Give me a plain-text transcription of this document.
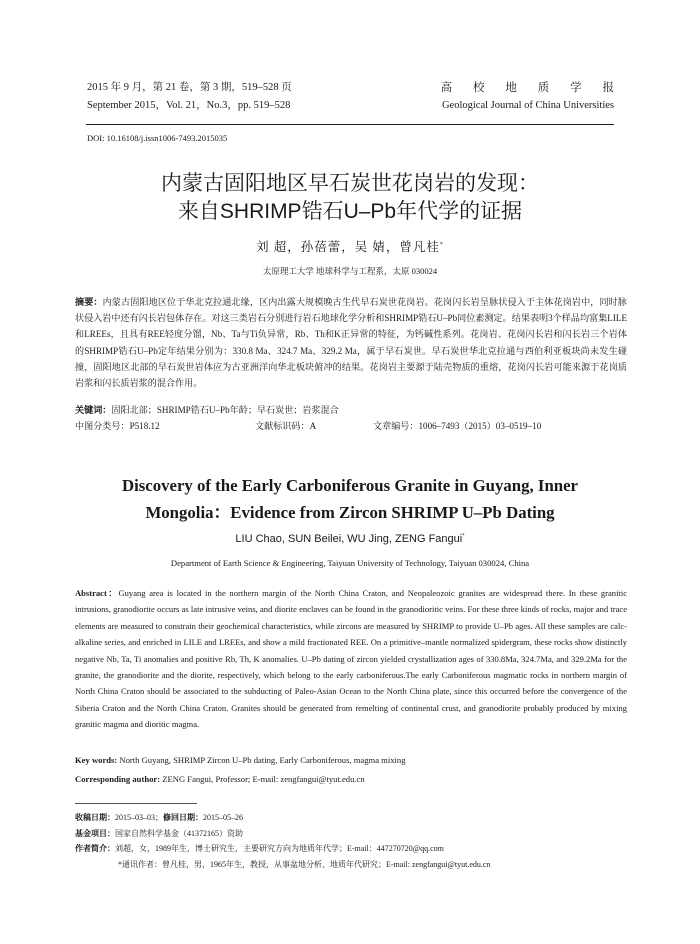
2015 年 9 月，第 21 卷，第 3 期，519–528 页
September 2015，Vol. 21，No.3，pp. 519–528
高 校 地 质 学 报
Geological Journal of China Universities
DOI: 10.16108/j.issn1006-7493.2015035
内蒙古固阳地区早石炭世花岗岩的发现：
来自SHRIMP锆石U–Pb年代学的证据
刘 超，孙蓓蕾，吴 婧，曾凡桂*
太原理工大学 地球科学与工程系，太原 030024
摘要：内蒙古固阳地区位于华北克拉通北缘，区内出露大规模晚古生代早石炭世花岗岩。花岗闪长岩呈脉状侵入于主体花岗岩中，同时脉状侵入岩中还有闪长岩包体存在。对这三类岩石分别进行岩石地球化学分析和SHRIMP锆石U–Pb同位素测定。结果表明3个样品均富集LILE和LREEs，且具有REE轻度分馏，Nb、Ta与Ti负异常，Rb、Th和K正异常的特征，为钙碱性系列。花岗岩、花岗闪长岩和闪长岩三个岩体的SHRIMP锆石U–Pb定年结果分别为：330.8 Ma、324.7 Ma、329.2 Ma，属于早石炭世。早石炭世华北克拉通与西伯利亚板块尚未发生碰撞，固阳地区北部的早石炭世岩体应为古亚洲洋向华北板块俯冲的结果。花岗岩主要源于陆壳物质的重熔，花岗闪长岩可能来源于花岗质岩浆和闪长质岩浆的混合作用。
关键词：固阳北部；SHRIMP锆石U–Pb年龄；早石炭世；岩浆混合
中图分类号：P518.12	文献标识码：A	文章编号：1006–7493（2015）03–0519–10
Discovery of the Early Carboniferous Granite in Guyang, Inner
Mongolia：Evidence from Zircon SHRIMP U–Pb Dating
LIU Chao, SUN Beilei, WU Jing, ZENG Fangui*
Department of Earth Science & Engineering, Taiyuan University of Technology, Taiyuan 030024, China
Abstract：Guyang area is located in the northern margin of the North China Craton, and Neopaleozoic granites are widespread there. In these granitic intrusions, granodiorite occurs as late intrusive veins, and diorite enclaves can be found in the granodioritic veins. For these three kinds of rocks, major and trace elements are measured to constrain their geochemical characteristics, while zircons are measured by SHRIMP to provide U–Pb ages. All these samples are calc-alkaline series, and enriched in LILE and LREEs, and show a mild fractionated REE. On a primitive–mantle normalized spidergram, these rocks show distinctly negative Nb, Ta, Ti anomalies and positive Rb, Th, K anomalies. U–Pb dating of zircon yielded crystallization ages of 330.8Ma, 324.7Ma, and 329.2Ma for the granite, the granodiorite and the diorite, respectively, which belong to the early carboniferous.The early Carboniferous magmatic rocks in northern margin of North China Craton should be associated to the subducting of Paleo-Asian Ocean to the North China plate, since this occurred before the convergence of the Siberia Craton and the North China Craton. Granites should be generated from remelting of continental crust, and granodiorite probably produced by mixing granitic magma and dioritic magma.
Key words: North Guyang, SHRIMP Zircon U–Pb dating, Early Carboniferous, magma mixing
Corresponding author: ZENG Fangui, Professor; E-mail: zengfangui@tyut.edu.cn
收稿日期：2015–03–03；修回日期：2015–05–26
基金项目：国家自然科学基金（41372165）资助
作者简介：刘超，女，1989年生，博士研究生，主要研究方向为地质年代学；E-mail：447270720@qq.com
*通讯作者：曾凡桂，男，1965年生，教授，从事盆地分析、地质年代研究；E-mail: zengfangui@tyut.edu.cn
